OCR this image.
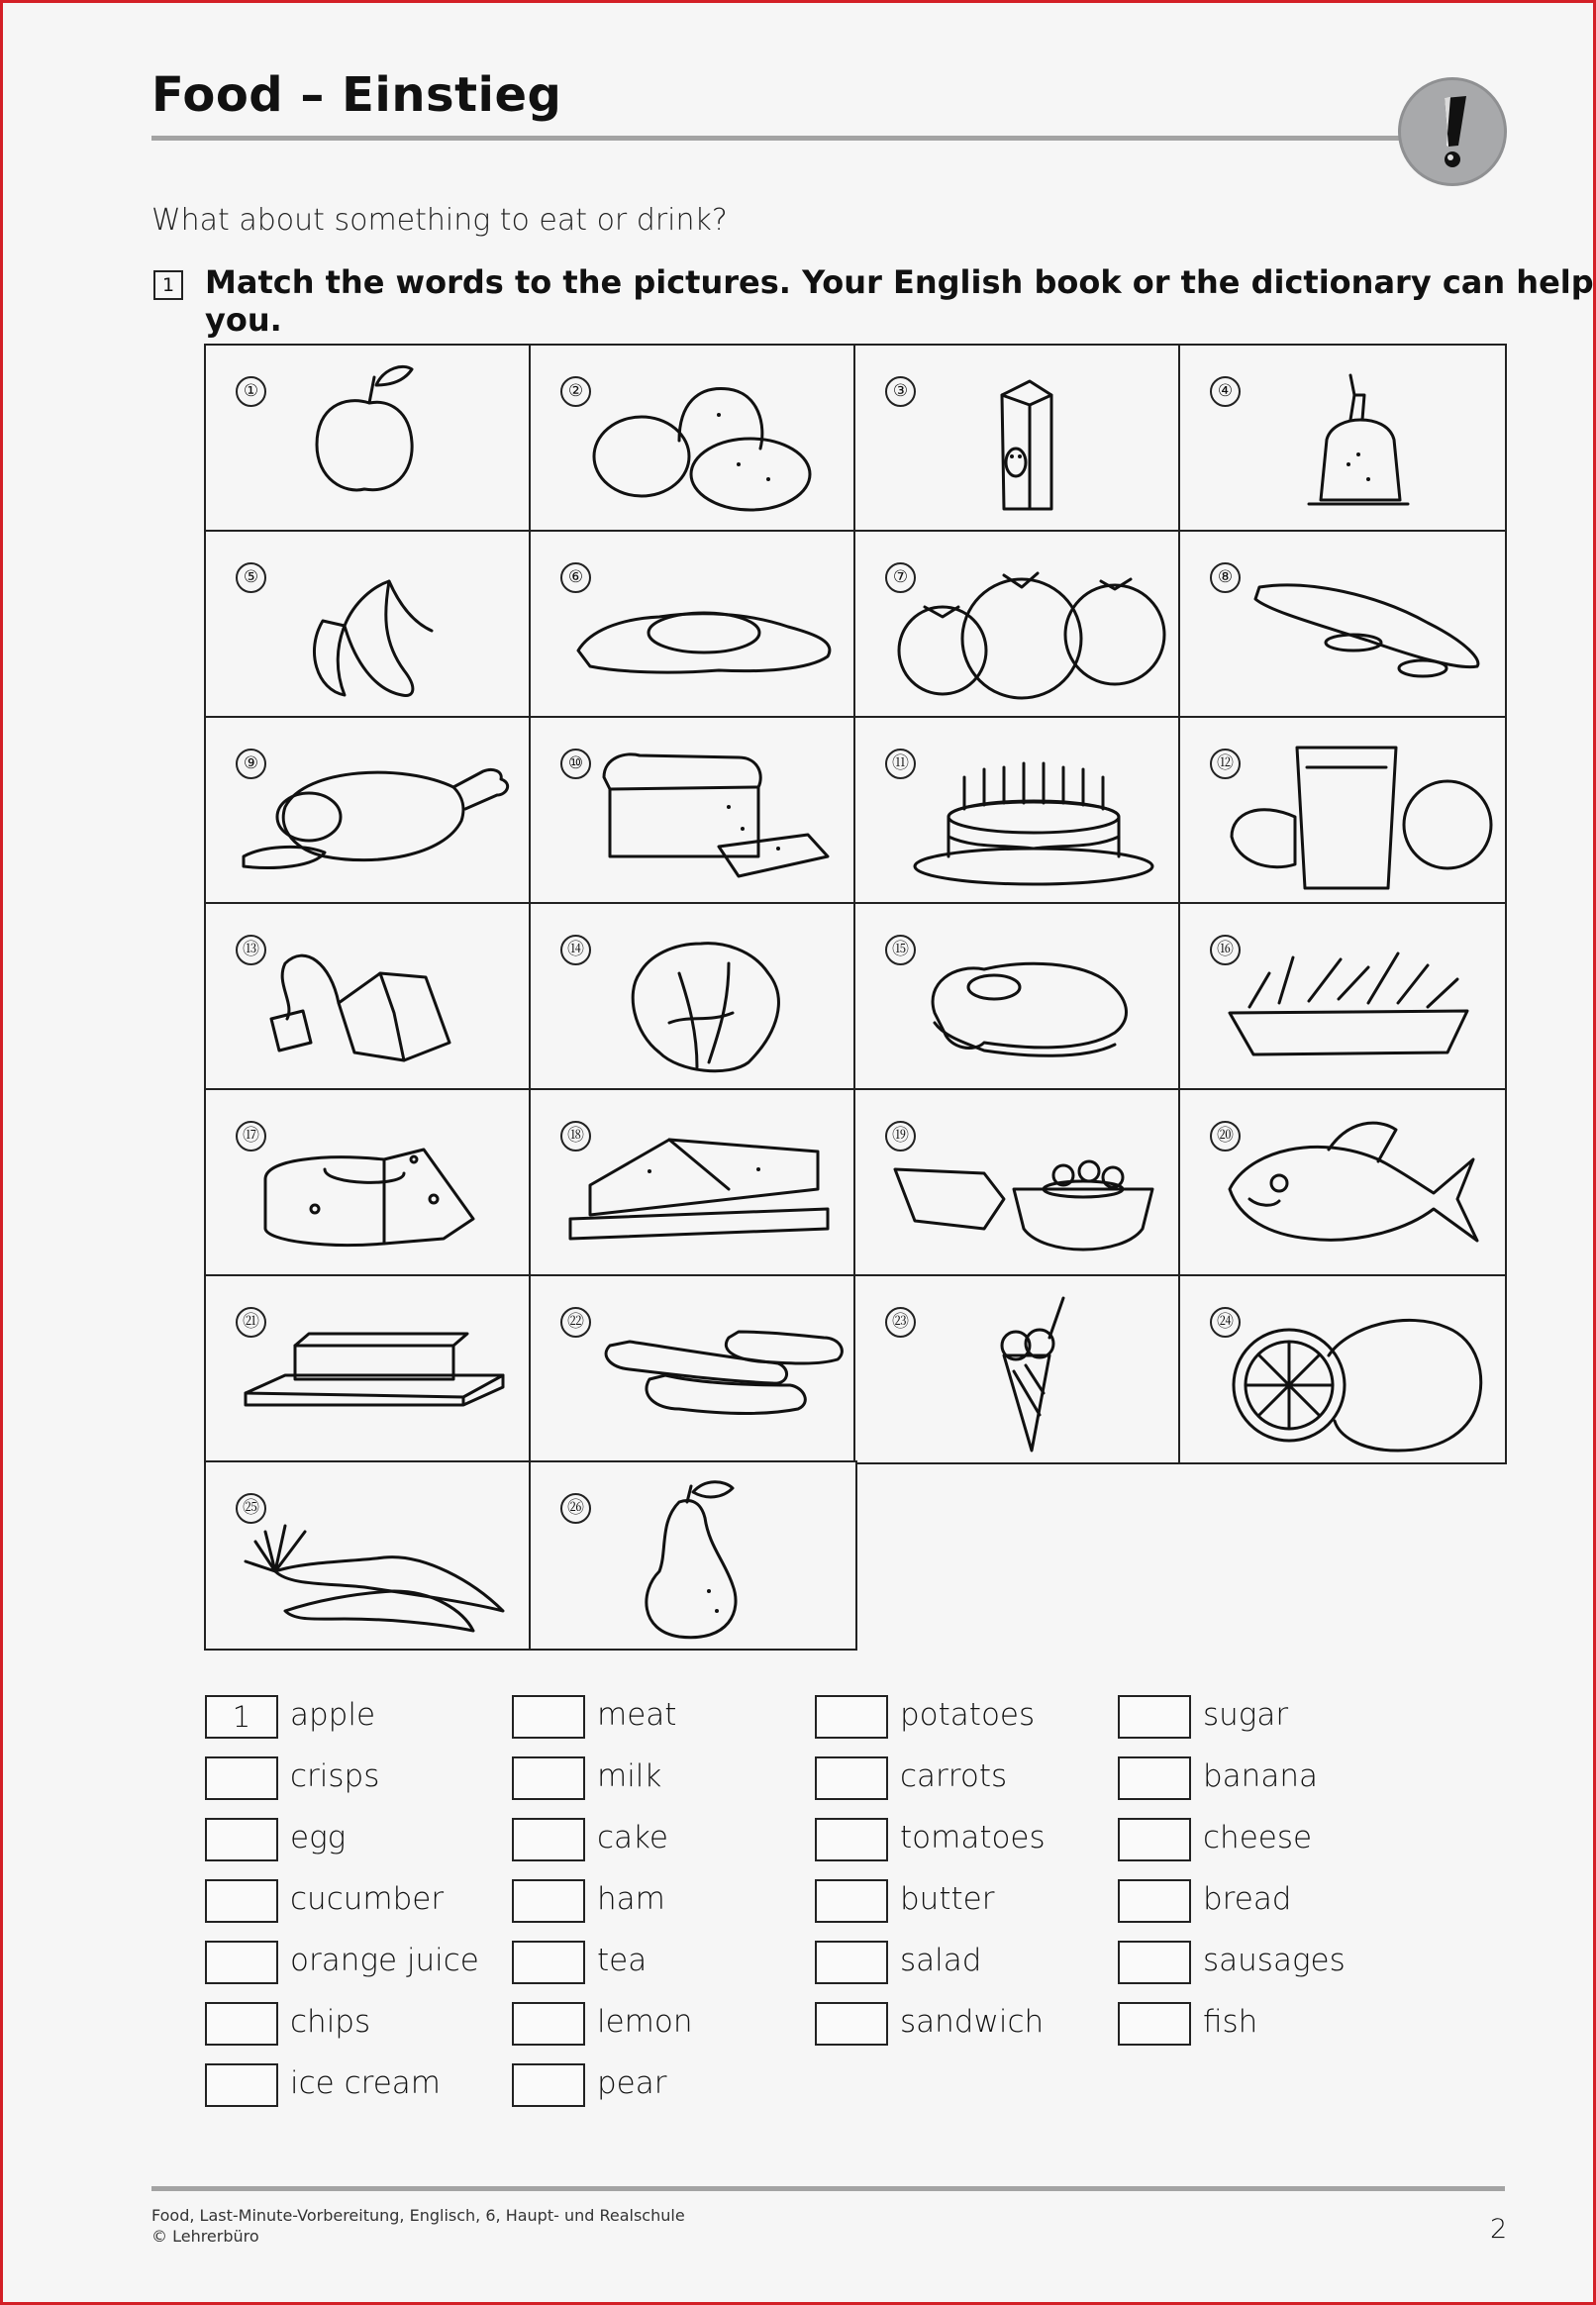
Food – Einstieg
What about something to eat or drink?
1 Match the words to the pictures. Your English book or the dictionary can help you.
①	②	③	④
⑤	⑥	⑦	⑧
⑨	⑩	⑪	⑫
⑬	⑭	⑮	⑯
⑰	⑱	⑲	⑳
㉑	㉒	㉓	㉔
㉕	㉖
1	apple
crisps
egg
cucumber
orange juice
chips
ice cream
meat
milk
cake
ham
tea
lemon
pear
potatoes
carrots
tomatoes
butter
salad
sandwich
sugar
banana
cheese
bread
sausages
fish
Food, Last-Minute-Vorbereitung, Englisch, 6, Haupt- und Realschule
© Lehrerbüro	2
